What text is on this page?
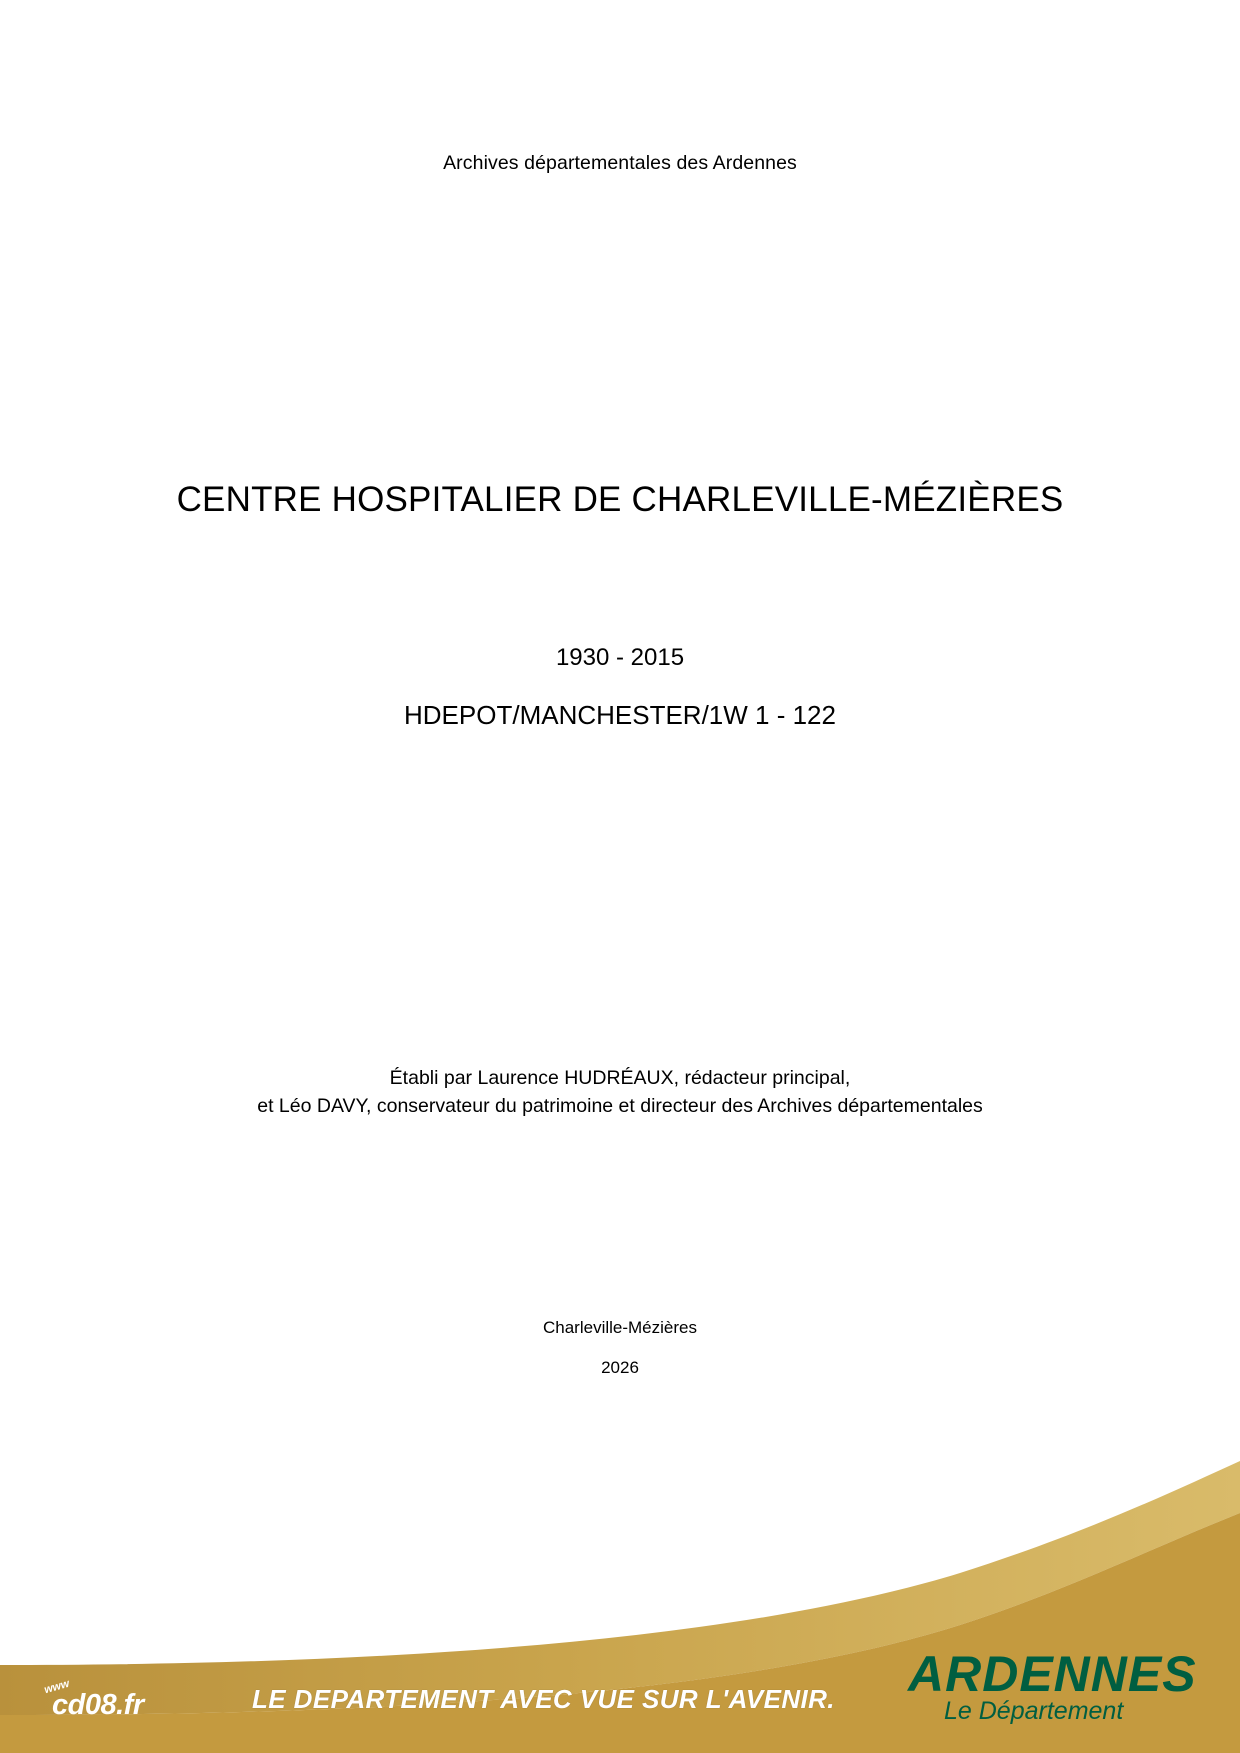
Archives départementales des Ardennes
CENTRE HOSPITALIER DE CHARLEVILLE-MÉZIÈRES
1930 - 2015
HDEPOT/MANCHESTER/1W 1 - 122
Établi par Laurence HUDRÉAUX, rédacteur principal,
et Léo DAVY, conservateur du patrimoine et directeur des Archives départementales
Charleville-Mézières
2026
www
cd08.fr	LE DEPARTEMENT AVEC VUE SUR L'AVENIR. ARDENNES
Le Département
